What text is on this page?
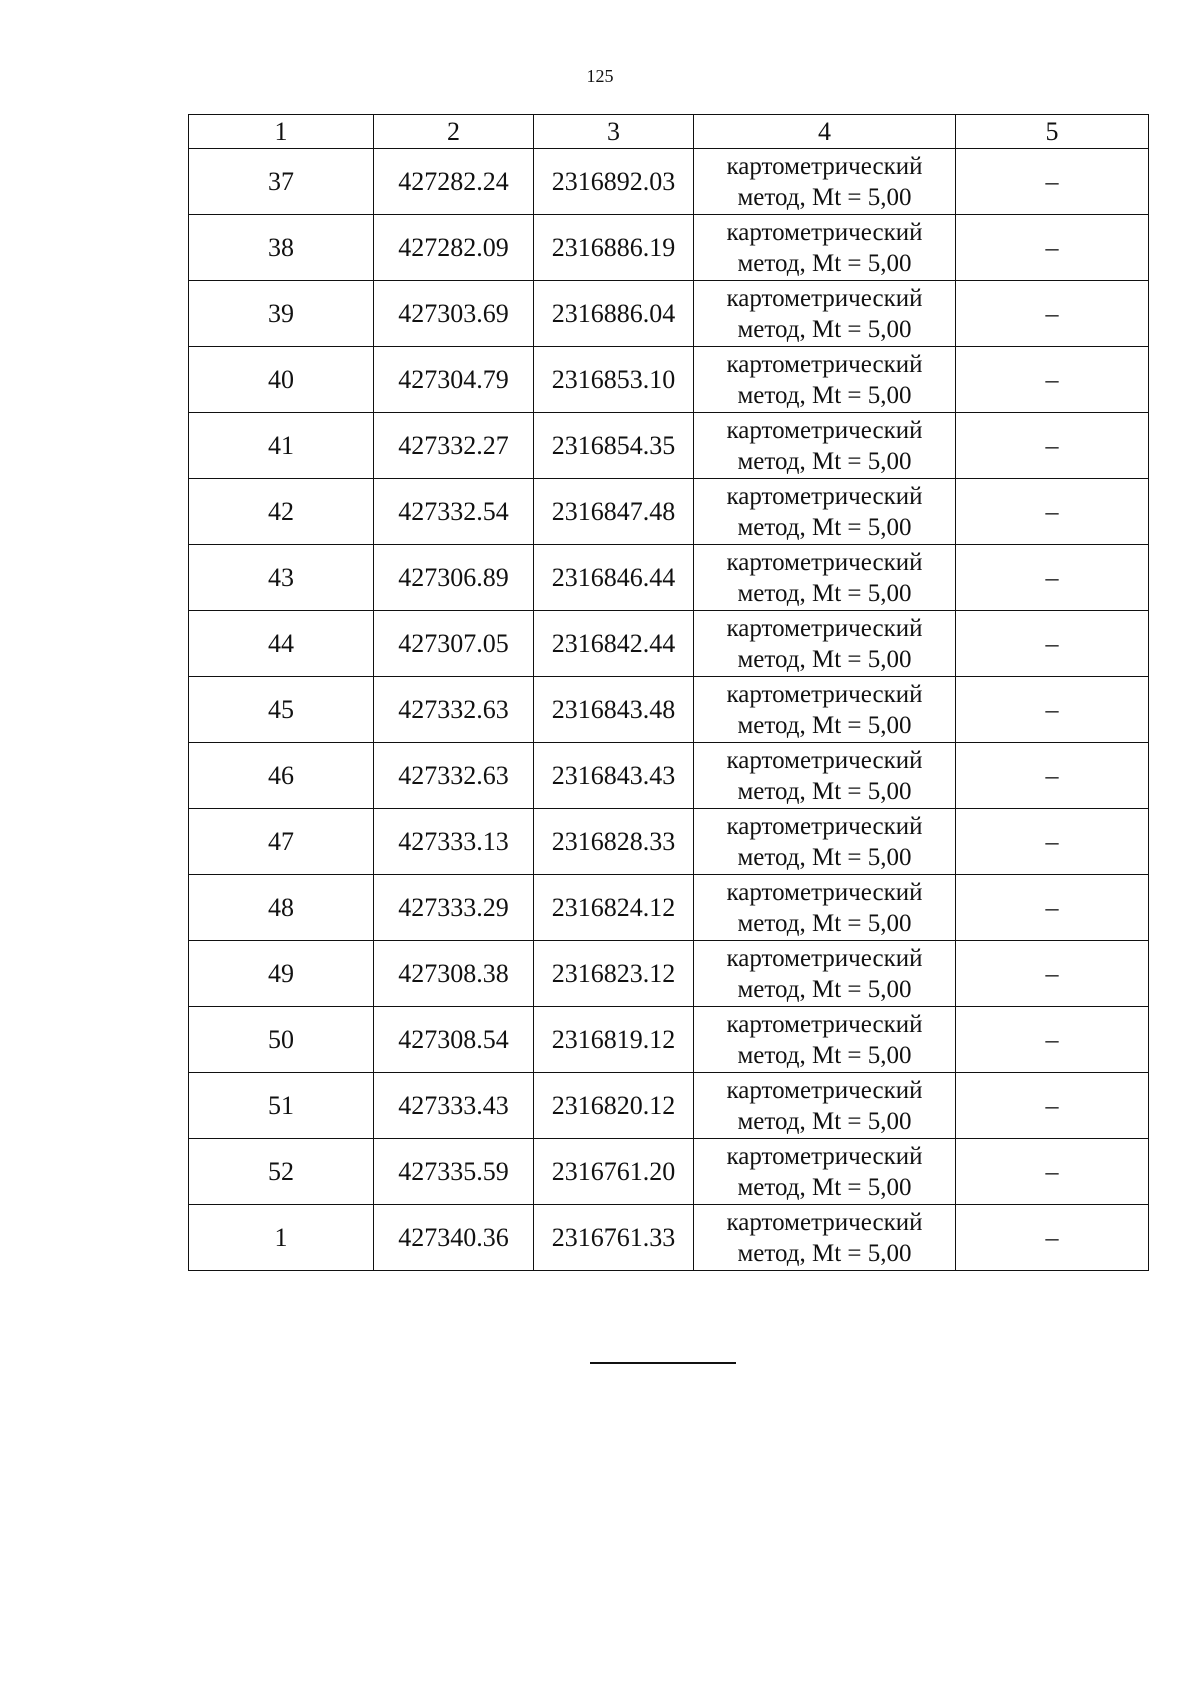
125
1	2	3	4	5
37	427282.24	2316892.03	картометрический
метод, Mt = 5,00	–
38	427282.09	2316886.19	картометрический
метод, Mt = 5,00	–
39	427303.69	2316886.04	картометрический
метод, Mt = 5,00	–
40	427304.79	2316853.10	картометрический
метод, Mt = 5,00	–
41	427332.27	2316854.35	картометрический
метод, Mt = 5,00	–
42	427332.54	2316847.48	картометрический
метод, Mt = 5,00	–
43	427306.89	2316846.44	картометрический
метод, Mt = 5,00	–
44	427307.05	2316842.44	картометрический
метод, Mt = 5,00	–
45	427332.63	2316843.48	картометрический
метод, Mt = 5,00	–
46	427332.63	2316843.43	картометрический
метод, Mt = 5,00	–
47	427333.13	2316828.33	картометрический
метод, Mt = 5,00	–
48	427333.29	2316824.12	картометрический
метод, Mt = 5,00	–
49	427308.38	2316823.12	картометрический
метод, Mt = 5,00	–
50	427308.54	2316819.12	картометрический
метод, Mt = 5,00	–
51	427333.43	2316820.12	картометрический
метод, Mt = 5,00	–
52	427335.59	2316761.20	картометрический
метод, Mt = 5,00	–
1	427340.36	2316761.33	картометрический
метод, Mt = 5,00	–
